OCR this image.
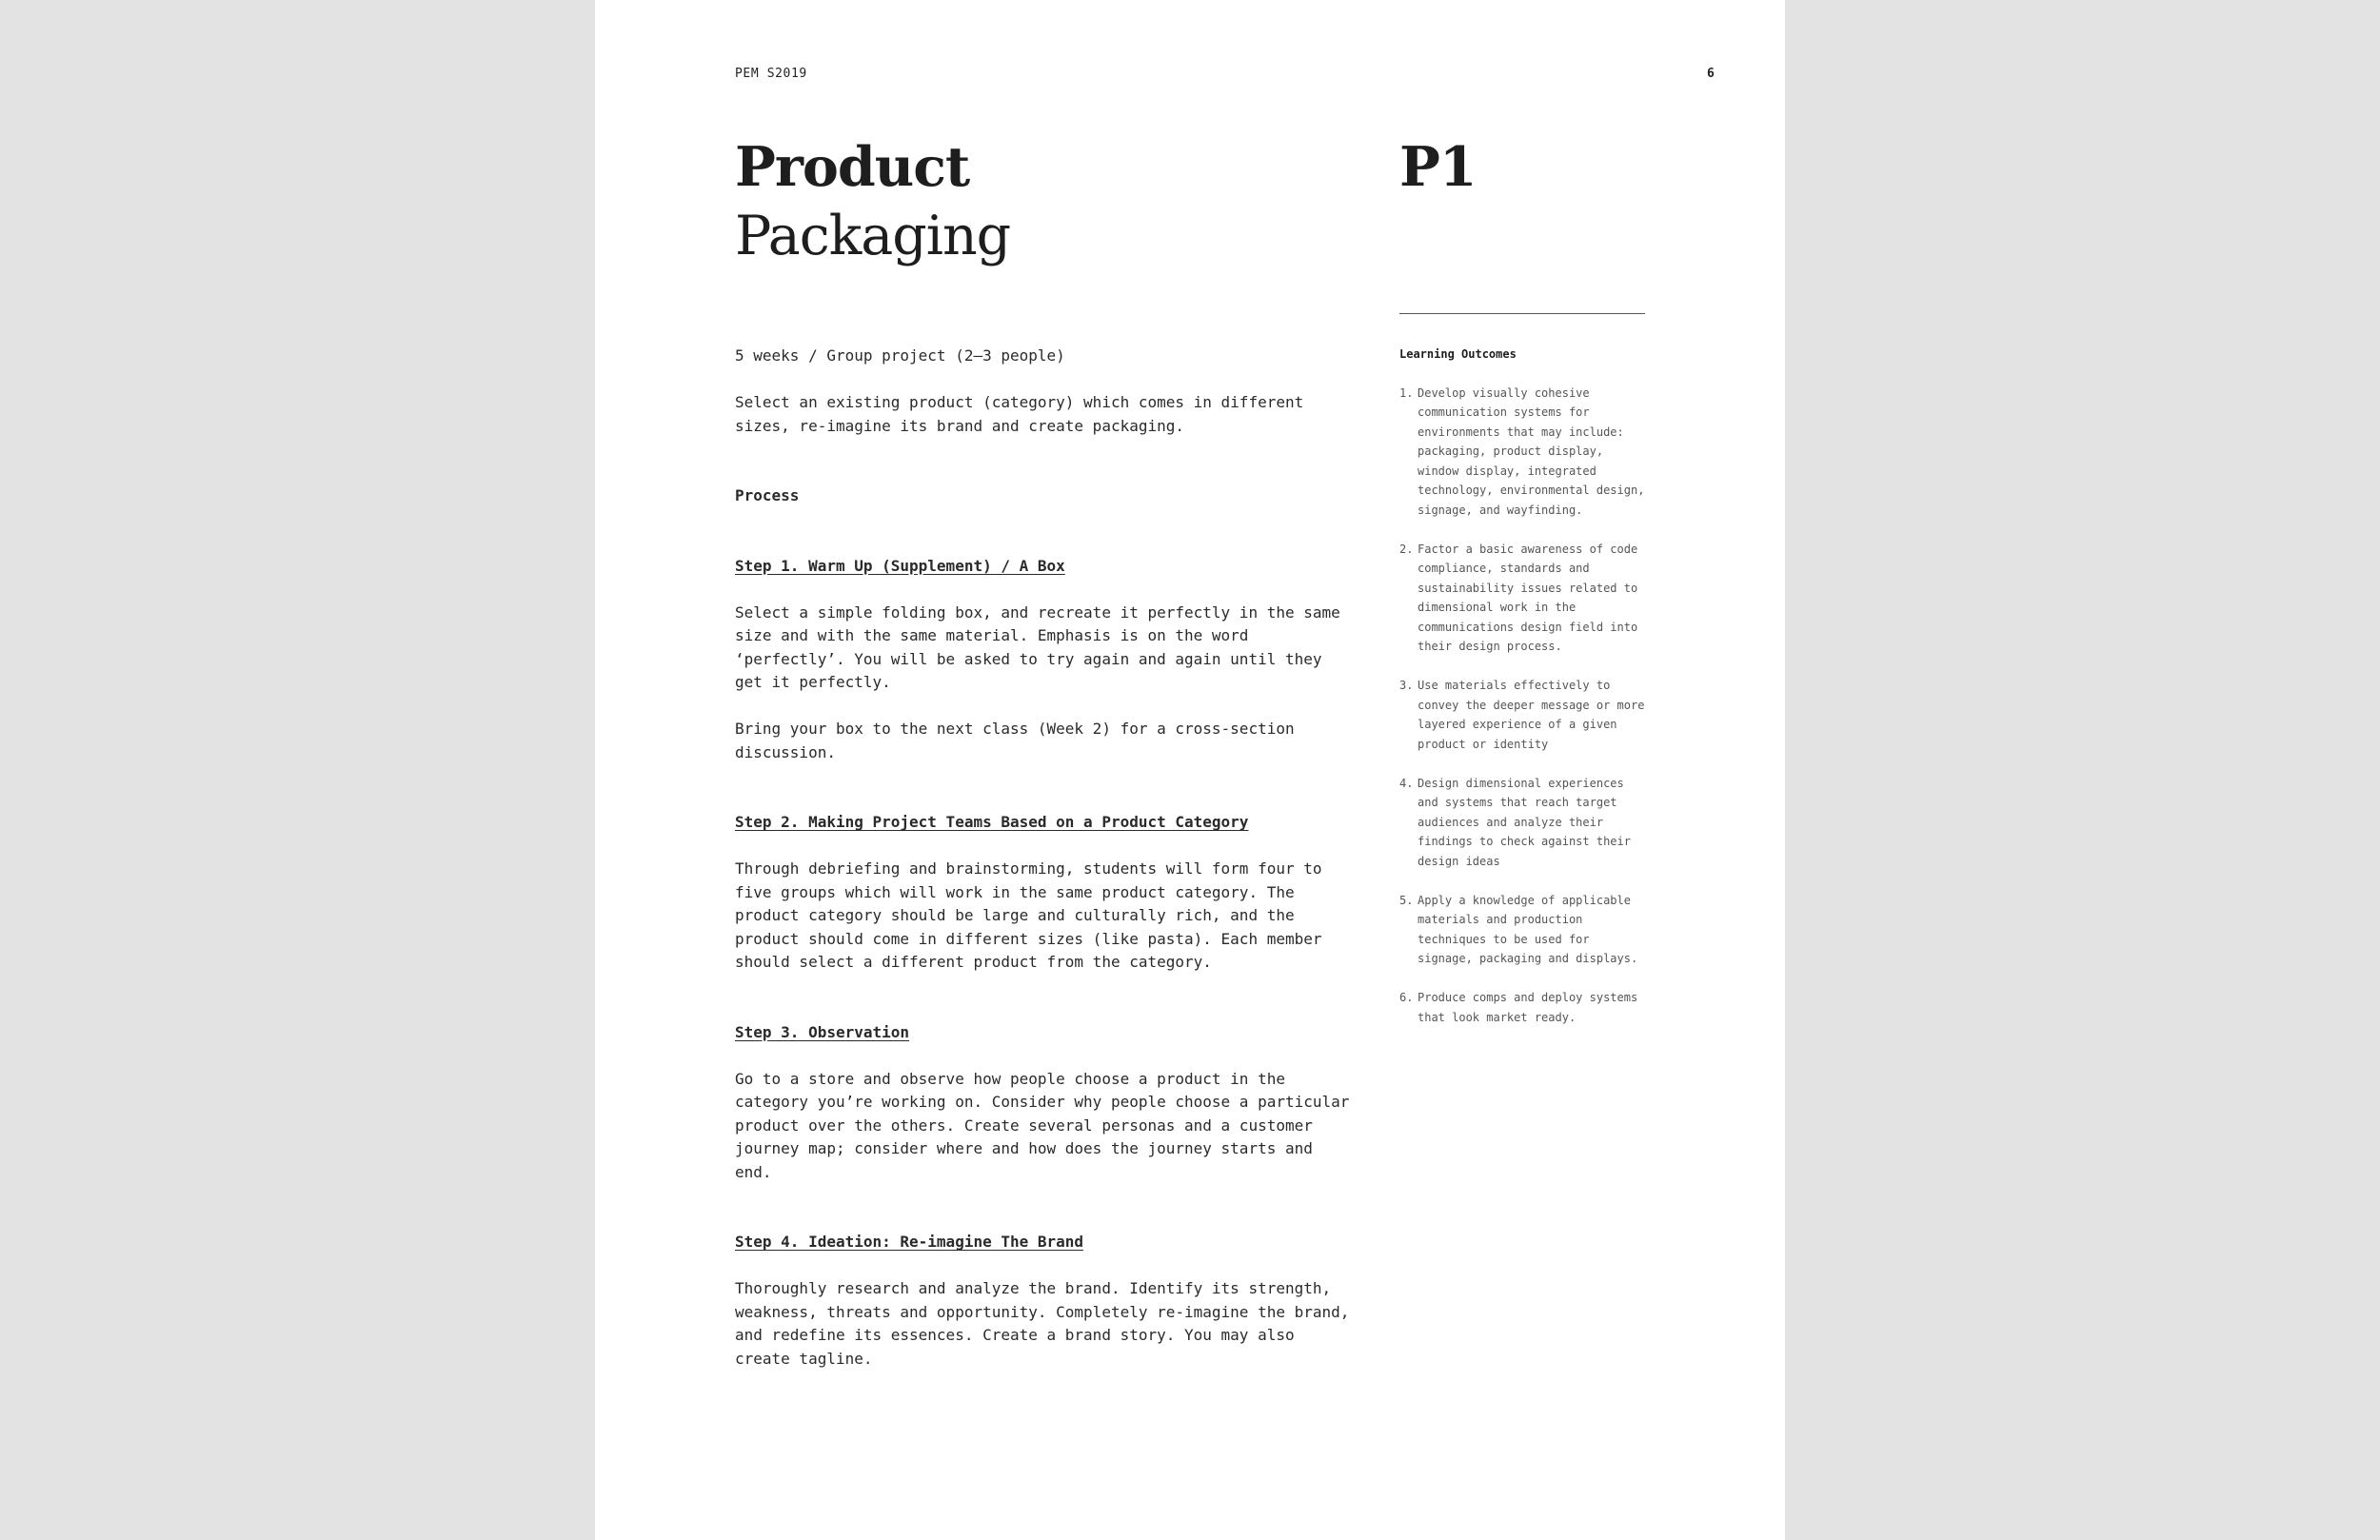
PEM S2019	6
Product
Packaging
P1

5 weeks / Group project (2–3 people)

Select an existing product (category) which comes in different sizes, re-imagine its brand and create packaging.

Process

Step 1. Warm Up (Supplement) / A Box

Select a simple folding box, and recreate it perfectly in the same size and with the same material. Emphasis is on the word ‘perfectly’. You will be asked to try again and again until they get it perfectly.

Bring your box to the next class (Week 2) for a cross-section discussion.

Step 2. Making Project Teams Based on a Product Category

Through debriefing and brainstorming, students will form four to five groups which will work in the same product category. The product category should be large and culturally rich, and the product should come in different sizes (like pasta). Each member should select a different product from the category.

Step 3. Observation

Go to a store and observe how people choose a product in the category you’re working on. Consider why people choose a particular product over the others. Create several personas and a customer journey map; consider where and how does the journey starts and end.

Step 4. Ideation: Re-imagine The Brand

Thoroughly research and analyze the brand. Identify its strength, weakness, threats and opportunity. Completely re-imagine the brand, and redefine its essences. Create a brand story. You may also create tagline.

Learning Outcomes

1. Develop visually cohesive communication systems for environments that may include: packaging, product display, window display, integrated technology, environmental design, signage, and wayfinding.
2. Factor a basic awareness of code compliance, standards and sustainability issues related to dimensional work in the communications design field into their design process.
3. Use materials effectively to convey the deeper message or more layered experience of a given product or identity
4. Design dimensional experiences and systems that reach target audiences and analyze their findings to check against their design ideas
5. Apply a knowledge of applicable materials and production techniques to be used for signage, packaging and displays.
6. Produce comps and deploy systems that look market ready.
